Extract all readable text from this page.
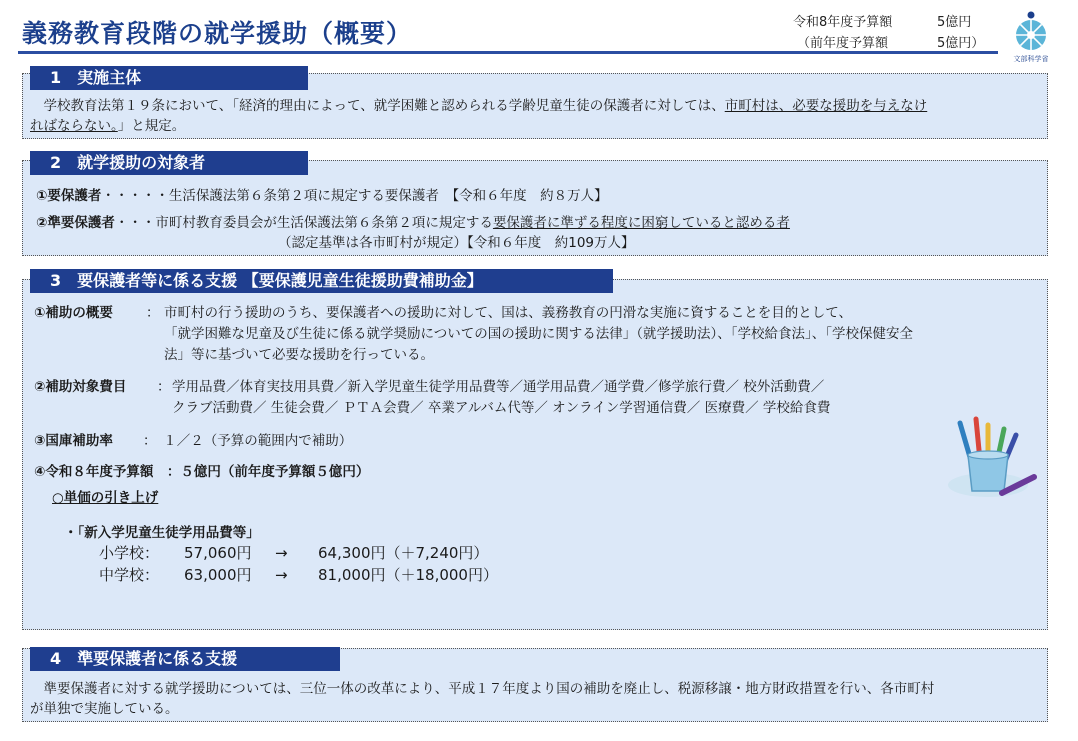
義務教育段階の就学援助（概要）	令和8年度予算額
（前年度予算額
5億円
5億円）
文部科学省
1　実施主体
　学校教育法第１９条において、「経済的理由によって、就学困難と認められる学齢児童生徒の保護者に対しては、市町村は、必要な援助を与えなけ
ればならない。」と規定。
2　就学援助の対象者
①要保護者・・・・・生活保護法第６条第２項に規定する要保護者　【令和６年度　約８万人】
②準要保護者・・・市町村教育委員会が生活保護法第６条第２項に規定する要保護者に準ずる程度に困窮していると認める者
（認定基準は各市町村が規定）【令和６年度　約109万人】
3　要保護者等に係る支援 【要保護児童生徒援助費補助金】
①補助の概要 ： 市町村の行う援助のうち、要保護者への援助に対して、国は、義務教育の円滑な実施に資することを目的として、
「就学困難な児童及び生徒に係る就学奨励についての国の援助に関する法律」（就学援助法）、「学校給食法」、「学校保健安全
法」等に基づいて必要な援助を行っている。
②補助対象費目 ： 学用品費／体育実技用具費／新入学児童生徒学用品費等／通学用品費／通学費／修学旅行費／ 校外活動費／
クラブ活動費／ 生徒会費／ ＰＴＡ会費／ 卒業アルバム代等／ オンライン学習通信費／ 医療費／ 学校給食費
③国庫補助率 ：　１／２（予算の範囲内で補助）
④令和８年度予算額　：５億円（前年度予算額５億円）
○単価の引き上げ
・「新入学児童生徒学用品費等」
小学校： 57,060円 → 64,300円（＋7,240円）
中学校： 63,000円 → 81,000円（＋18,000円）
4　準要保護者に係る支援
　準要保護者に対する就学援助については、三位一体の改革により、平成１７年度より国の補助を廃止し、税源移譲・地方財政措置を行い、各市町村
が単独で実施している。
